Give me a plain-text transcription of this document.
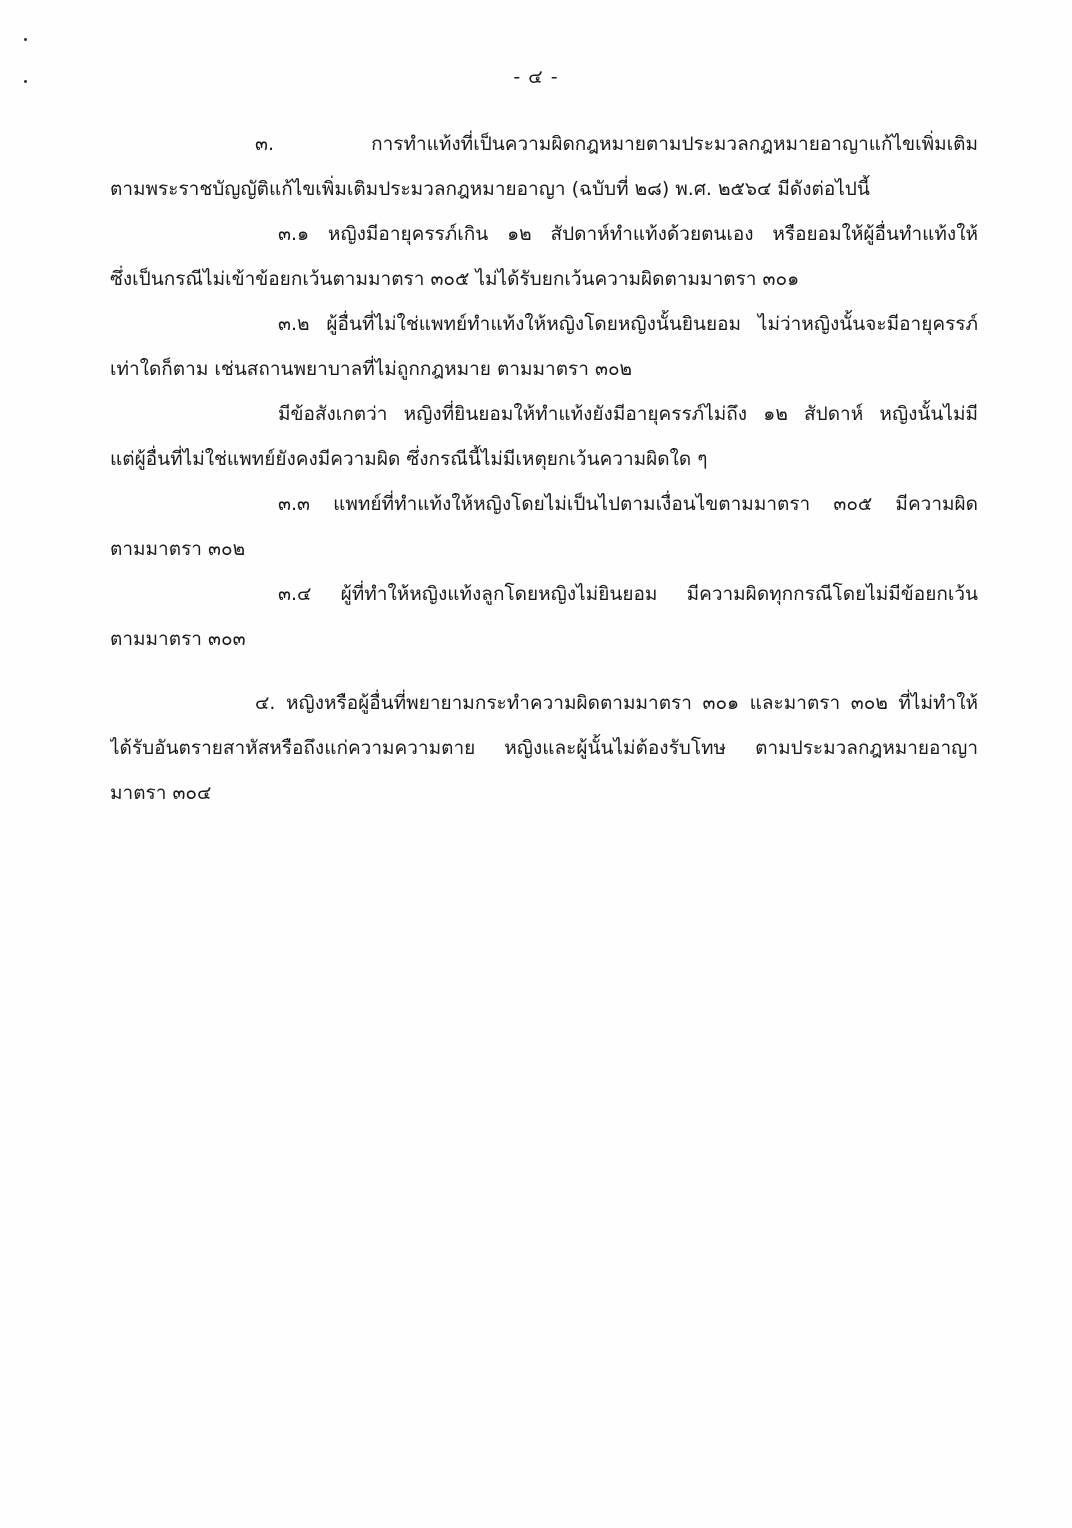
- ๔ -
๓. การทำแท้งที่เป็นความผิดกฎหมายตามประมวลกฎหมายอาญาแก้ไขเพิ่มเติม
ตามพระราชบัญญัติแก้ไขเพิ่มเติมประมวลกฎหมายอาญา (ฉบับที่ ๒๘) พ.ศ. ๒๕๖๔ มีดังต่อไปนี้
๓.๑ หญิงมีอายุครรภ์เกิน ๑๒ สัปดาห์ทำแท้งด้วยตนเอง หรือยอมให้ผู้อื่นทำแท้งให้
ซึ่งเป็นกรณีไม่เข้าข้อยกเว้นตามมาตรา ๓๐๕ ไม่ได้รับยกเว้นความผิดตามมาตรา ๓๐๑
๓.๒ ผู้อื่นที่ไม่ใช่แพทย์ทำแท้งให้หญิงโดยหญิงนั้นยินยอม ไม่ว่าหญิงนั้นจะมีอายุครรภ์
เท่าใดก็ตาม เช่นสถานพยาบาลที่ไม่ถูกกฎหมาย ตามมาตรา ๓๐๒
มีข้อสังเกตว่า หญิงที่ยินยอมให้ทำแท้งยังมีอายุครรภ์ไม่ถึง ๑๒ สัปดาห์ หญิงนั้นไม่มี
แต่ผู้อื่นที่ไม่ใช่แพทย์ยังคงมีความผิด ซึ่งกรณีนี้ไม่มีเหตุยกเว้นความผิดใด ๆ
๓.๓ แพทย์ที่ทำแท้งให้หญิงโดยไม่เป็นไปตามเงื่อนไขตามมาตรา ๓๐๕ มีความผิด
ตามมาตรา ๓๐๒
๓.๔ ผู้ที่ทำให้หญิงแท้งลูกโดยหญิงไม่ยินยอม มีความผิดทุกกรณีโดยไม่มีข้อยกเว้น
ตามมาตรา ๓๐๓
๔. หญิงหรือผู้อื่นที่พยายามกระทำความผิดตามมาตรา ๓๐๑ และมาตรา ๓๐๒ ที่ไม่ทำให้
ได้รับอันตรายสาหัสหรือถึงแก่ความความตาย หญิงและผู้นั้นไม่ต้องรับโทษ ตามประมวลกฎหมายอาญา
มาตรา ๓๐๔
